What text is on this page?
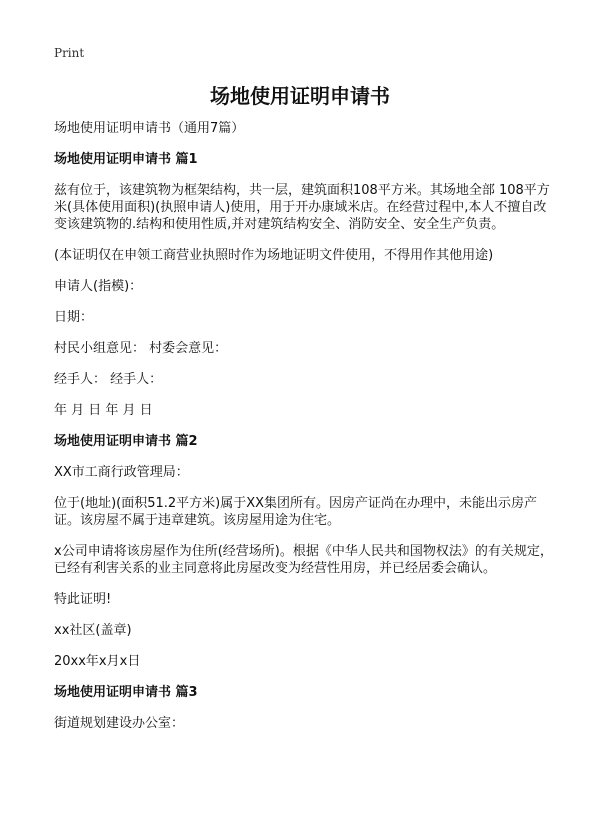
Print
场地使用证明申请书

场地使用证明申请书（通用7篇）

场地使用证明申请书 篇1

兹有位于，该建筑物为框架结构，共一层，建筑面积108平方米。其场地全部 108平方米(具体使用面积)(执照申请人)使用，用于开办康域米店。在经营过程中,本人不擅自改变该建筑物的.结构和使用性质,并对建筑结构安全、消防安全、安全生产负责。

(本证明仅在申领工商营业执照时作为场地证明文件使用，不得用作其他用途)

申请人(指模)：

日期：

村民小组意见： 村委会意见：

经手人： 经手人：

年 月 日 年 月 日

场地使用证明申请书 篇2

XX市工商行政管理局：

位于(地址)(面积51.2平方米)属于XX集团所有。因房产证尚在办理中，未能出示房产证。该房屋不属于违章建筑。该房屋用途为住宅。

x公司申请将该房屋作为住所(经营场所)。根据《中华人民共和国物权法》的有关规定，已经有利害关系的业主同意将此房屋改变为经营性用房，并已经居委会确认。

特此证明!

xx社区(盖章)

20xx年x月x日

场地使用证明申请书 篇3

街道规划建设办公室：
